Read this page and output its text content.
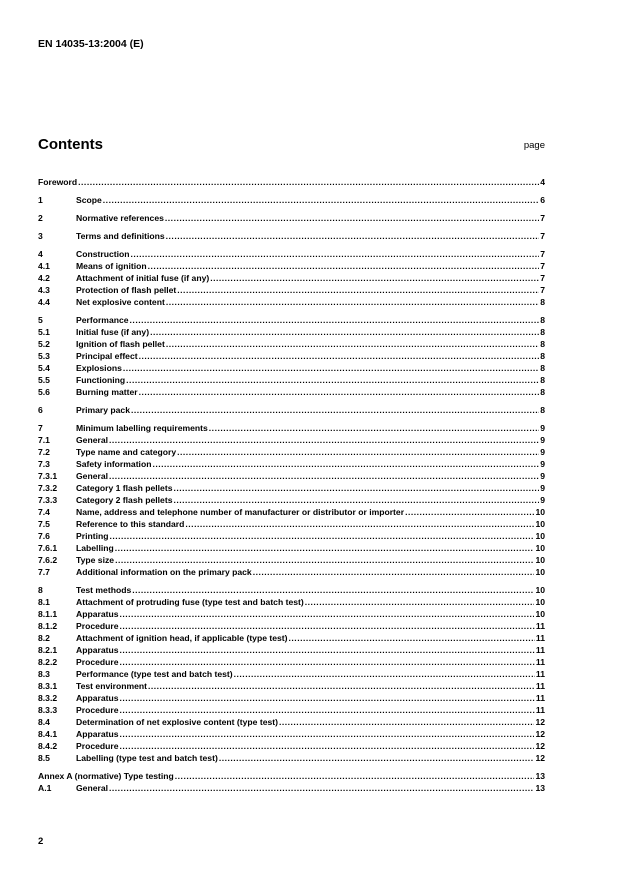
EN 14035-13:2004 (E)
Contents	page
Foreword .....	4
1	Scope .....	6
2	Normative references .....	7
3	Terms and definitions .....	7
4	Construction .....	7
4.1	Means of ignition .....	7
4.2	Attachment of initial fuse (if any) .....	7
4.3	Protection of flash pellet .....	7
4.4	Net explosive content .....	8
5	Performance .....	8
5.1	Initial fuse (if any) .....	8
5.2	Ignition of flash pellet .....	8
5.3	Principal effect .....	8
5.4	Explosions .....	8
5.5	Functioning .....	8
5.6	Burning matter .....	8
6	Primary pack .....	8
7	Minimum labelling requirements .....	9
7.1	General .....	9
7.2	Type name and category .....	9
7.3	Safety information .....	9
7.3.1	General .....	9
7.3.2	Category 1 flash pellets .....	9
7.3.3	Category 2 flash pellets .....	9
7.4	Name, address and telephone number of manufacturer or distributor or importer .....	10
7.5	Reference to this standard .....	10
7.6	Printing .....	10
7.6.1	Labelling .....	10
7.6.2	Type size .....	10
7.7	Additional information on the primary pack .....	10
8	Test methods .....	10
8.1	Attachment of protruding fuse (type test and batch test) .....	10
8.1.1	Apparatus .....	10
8.1.2	Procedure .....	11
8.2	Attachment of ignition head, if applicable (type test) .....	11
8.2.1	Apparatus .....	11
8.2.2	Procedure .....	11
8.3	Performance (type test and batch test) .....	11
8.3.1	Test environment .....	11
8.3.2	Apparatus .....	11
8.3.3	Procedure .....	11
8.4	Determination of net explosive content (type test) .....	12
8.4.1	Apparatus .....	12
8.4.2	Procedure .....	12
8.5	Labelling (type test and batch test) .....	12
Annex A (normative) Type testing .....	13
A.1	General .....	13
2
